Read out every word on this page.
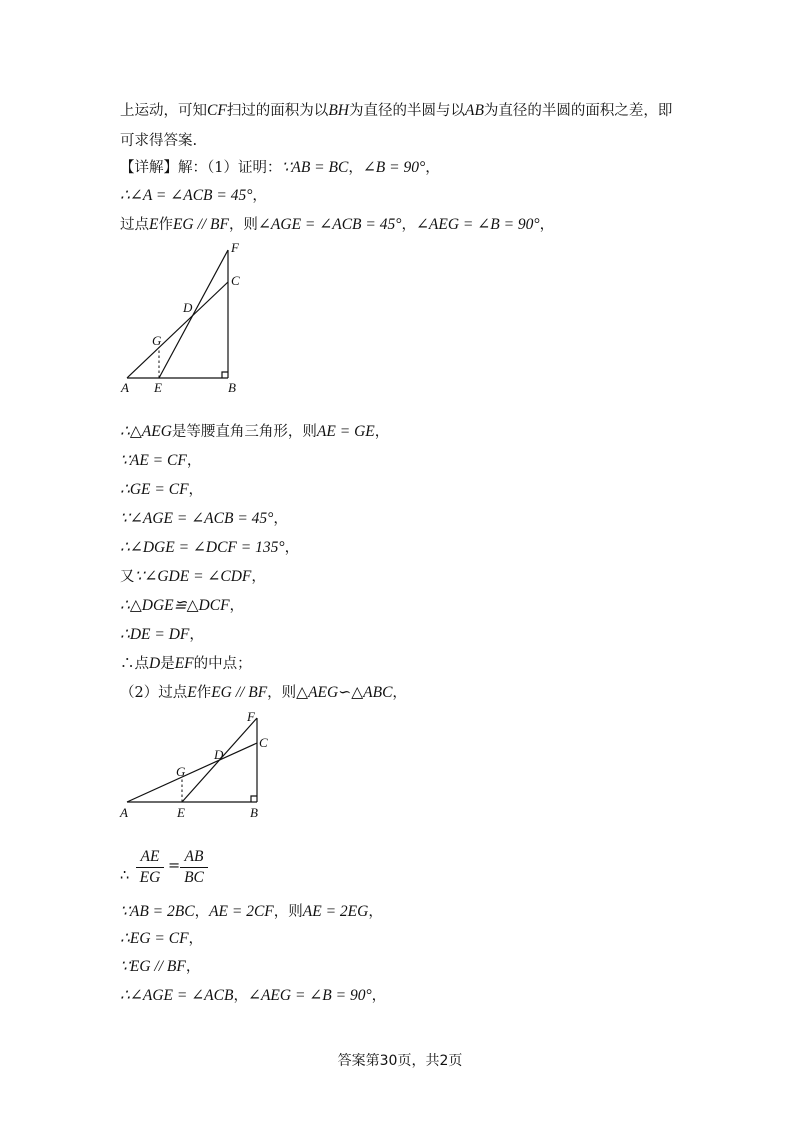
上运动，可知CF扫过的面积为以BH为直径的半圆与以AB为直径的半圆的面积之差，即
可求得答案.
【详解】解：（1）证明：∵AB = BC，∠B = 90°，
∴∠A = ∠ACB = 45°，
过点E作EG // BF，则∠AGE = ∠ACB = 45°，∠AEG = ∠B = 90°，
F
C
D
G
A E	B
∴△AEG是等腰直角三角形，则AE = GE，
∵AE = CF，
∴GE = CF，
∵∠AGE = ∠ACB = 45°，
∴∠DGE = ∠DCF = 135°，
又∵∠GDE = ∠CDF，
∴△DGE≌△DCF，
∴DE = DF，
∴点D是EF的中点；
（2）过点E作EG // BF，则△AEG∽△ABC，
F
C
D
G
A	E	B
∴ $\frac{AE}{EG} = \frac{AB}{BC}$
∵AB = 2BC，AE = 2CF，则AE = 2EG，
∴EG = CF，
∵EG // BF，
∴∠AGE = ∠ACB，∠AEG = ∠B = 90°，
答案第30页，共2页
